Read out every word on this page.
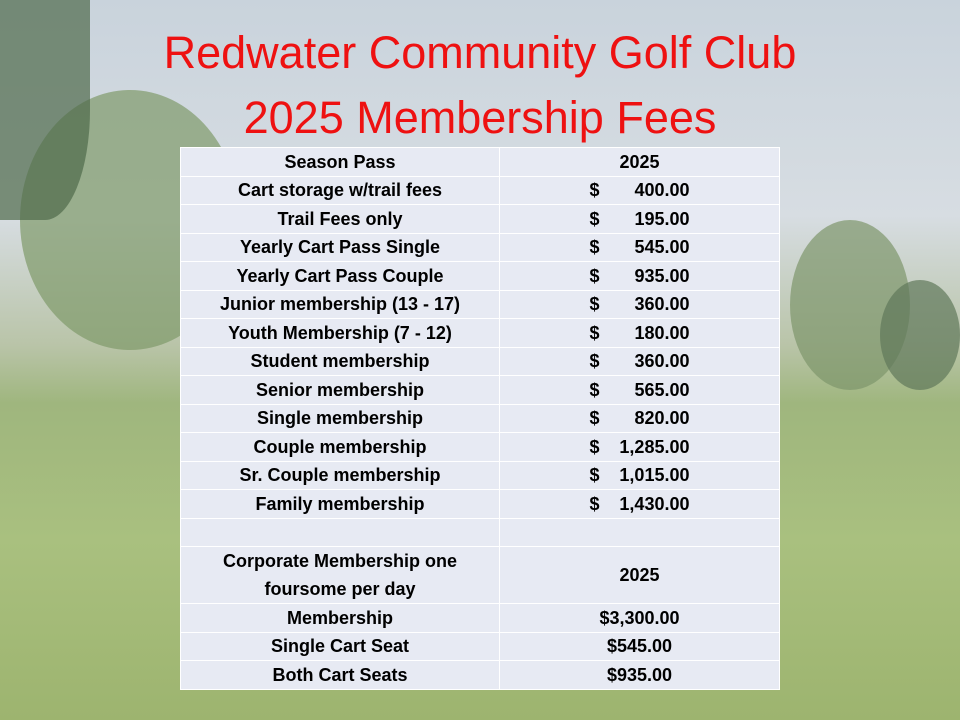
Redwater Community Golf Club
2025 Membership Fees
Season Pass	2025
Cart storage w/trail fees	$ 400.00
Trail Fees only	$ 195.00
Yearly Cart Pass Single	$ 545.00
Yearly Cart Pass Couple	$ 935.00
Junior membership (13 - 17)	$ 360.00
Youth Membership (7 - 12)	$ 180.00
Student membership	$ 360.00
Senior membership	$ 565.00
Single membership	$ 820.00
Couple membership	$ 1,285.00
Sr. Couple membership	$ 1,015.00
Family membership	$ 1,430.00

Corporate Membership one foursome per day	2025
Membership	$3,300.00
Single Cart Seat	$545.00
Both Cart Seats	$935.00
